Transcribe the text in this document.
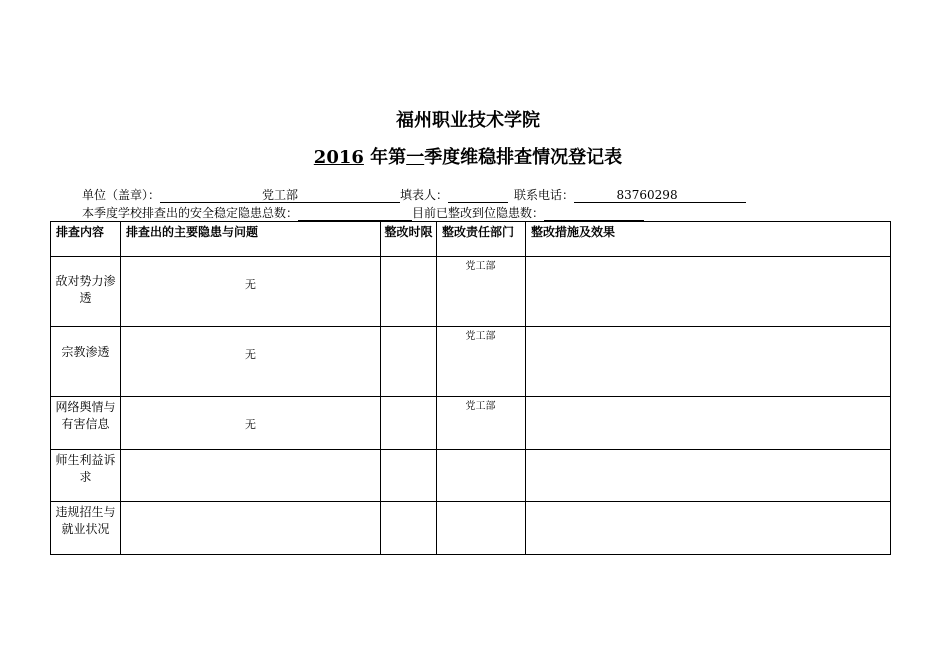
福州职业技术学院
2016 年第一季度维稳排查情况登记表
单位（盖章）：	党工部	填表人：	联系电话：	83760298
本季度学校排查出的安全稳定隐患总数：	目前已整改到位隐患数：
排查内容	排查出的主要隐患与问题	整改时限	整改责任部门	整改措施及效果

敌对势力渗透	无		党工部	

宗教渗透	无		党工部	

网络舆情与有害信息	无		党工部	

师生利益诉求				

违规招生与就业状况				
